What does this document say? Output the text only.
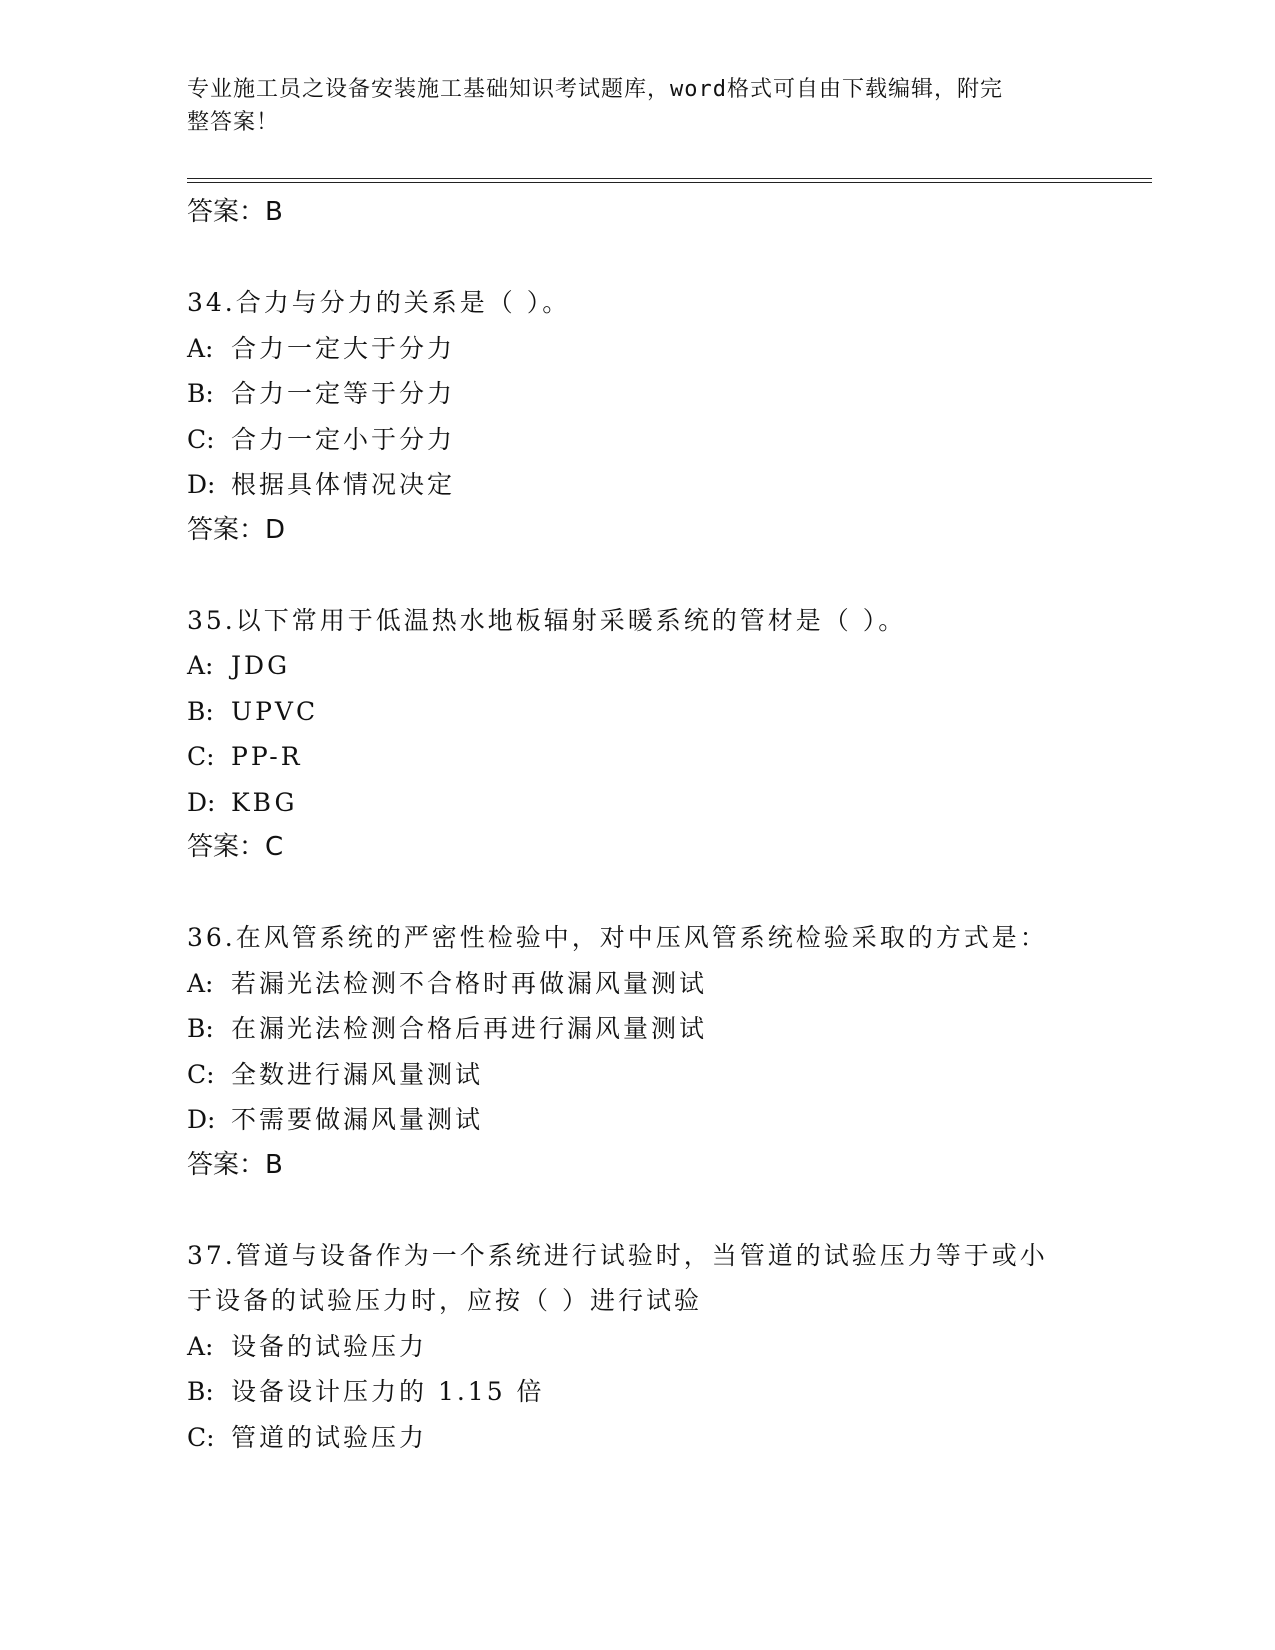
专业施工员之设备安装施工基础知识考试题库，word格式可自由下载编辑，附完
整答案！
答案：B
34.合力与分力的关系是（ ）。
A: 合力一定大于分力
B: 合力一定等于分力
C: 合力一定小于分力
D: 根据具体情况决定
答案：D
35.以下常用于低温热水地板辐射采暖系统的管材是（ ）。
A: JDG
B: UPVC
C: PP-R
D: KBG
答案：C
36.在风管系统的严密性检验中，对中压风管系统检验采取的方式是：
A: 若漏光法检测不合格时再做漏风量测试
B: 在漏光法检测合格后再进行漏风量测试
C: 全数进行漏风量测试
D: 不需要做漏风量测试
答案：B
37.管道与设备作为一个系统进行试验时，当管道的试验压力等于或小
于设备的试验压力时，应按（ ）进行试验
A: 设备的试验压力
B: 设备设计压力的 1.15 倍
C: 管道的试验压力
